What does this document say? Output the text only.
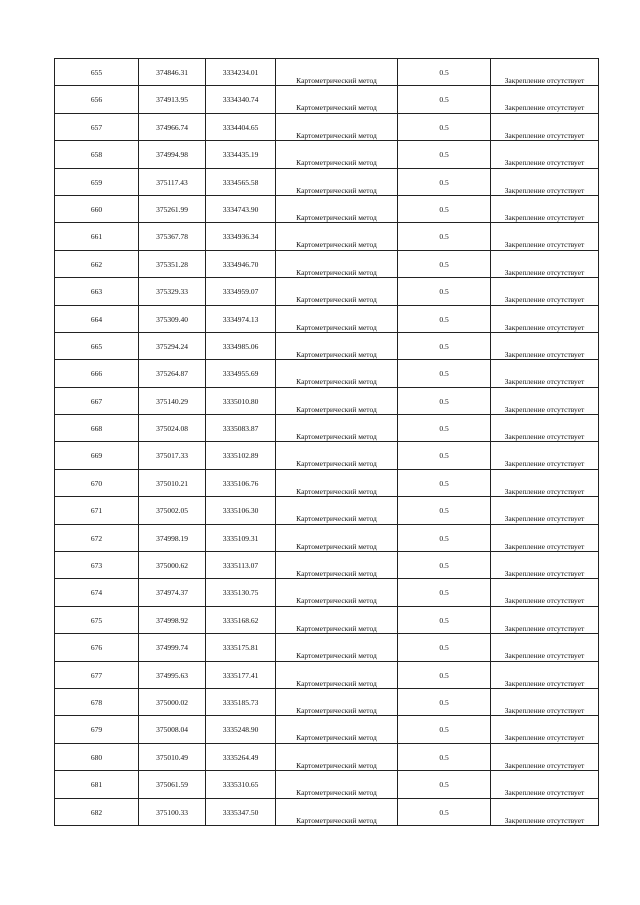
655	374846.31	3334234.01	Картометрический метод	0.5	Закрепление отсутствует

656	374913.95	3334340.74	Картометрический метод	0.5	Закрепление отсутствует

657	374966.74	3334404.65	Картометрический метод	0.5	Закрепление отсутствует

658	374994.98	3334435.19	Картометрический метод	0.5	Закрепление отсутствует

659	375117.43	3334565.58	Картометрический метод	0.5	Закрепление отсутствует

660	375261.99	3334743.90	Картометрический метод	0.5	Закрепление отсутствует

661	375367.78	3334936.34	Картометрический метод	0.5	Закрепление отсутствует

662	375351.28	3334946.70	Картометрический метод	0.5	Закрепление отсутствует

663	375329.33	3334959.07	Картометрический метод	0.5	Закрепление отсутствует

664	375309.40	3334974.13	Картометрический метод	0.5	Закрепление отсутствует

665	375294.24	3334985.06	Картометрический метод	0.5	Закрепление отсутствует

666	375264.87	3334955.69	Картометрический метод	0.5	Закрепление отсутствует

667	375140.29	3335010.80	Картометрический метод	0.5	Закрепление отсутствует

668	375024.08	3335083.87	Картометрический метод	0.5	Закрепление отсутствует

669	375017.33	3335102.89	Картометрический метод	0.5	Закрепление отсутствует

670	375010.21	3335106.76	Картометрический метод	0.5	Закрепление отсутствует

671	375002.05	3335106.30	Картометрический метод	0.5	Закрепление отсутствует

672	374998.19	3335109.31	Картометрический метод	0.5	Закрепление отсутствует

673	375000.62	3335113.07	Картометрический метод	0.5	Закрепление отсутствует

674	374974.37	3335130.75	Картометрический метод	0.5	Закрепление отсутствует

675	374998.92	3335168.62	Картометрический метод	0.5	Закрепление отсутствует

676	374999.74	3335175.81	Картометрический метод	0.5	Закрепление отсутствует

677	374995.63	3335177.41	Картометрический метод	0.5	Закрепление отсутствует

678	375000.02	3335185.73	Картометрический метод	0.5	Закрепление отсутствует

679	375008.04	3335248.90	Картометрический метод	0.5	Закрепление отсутствует

680	375010.49	3335264.49	Картометрический метод	0.5	Закрепление отсутствует

681	375061.59	3335310.65	Картометрический метод	0.5	Закрепление отсутствует

682	375100.33	3335347.50	Картометрический метод	0.5	Закрепление отсутствует
